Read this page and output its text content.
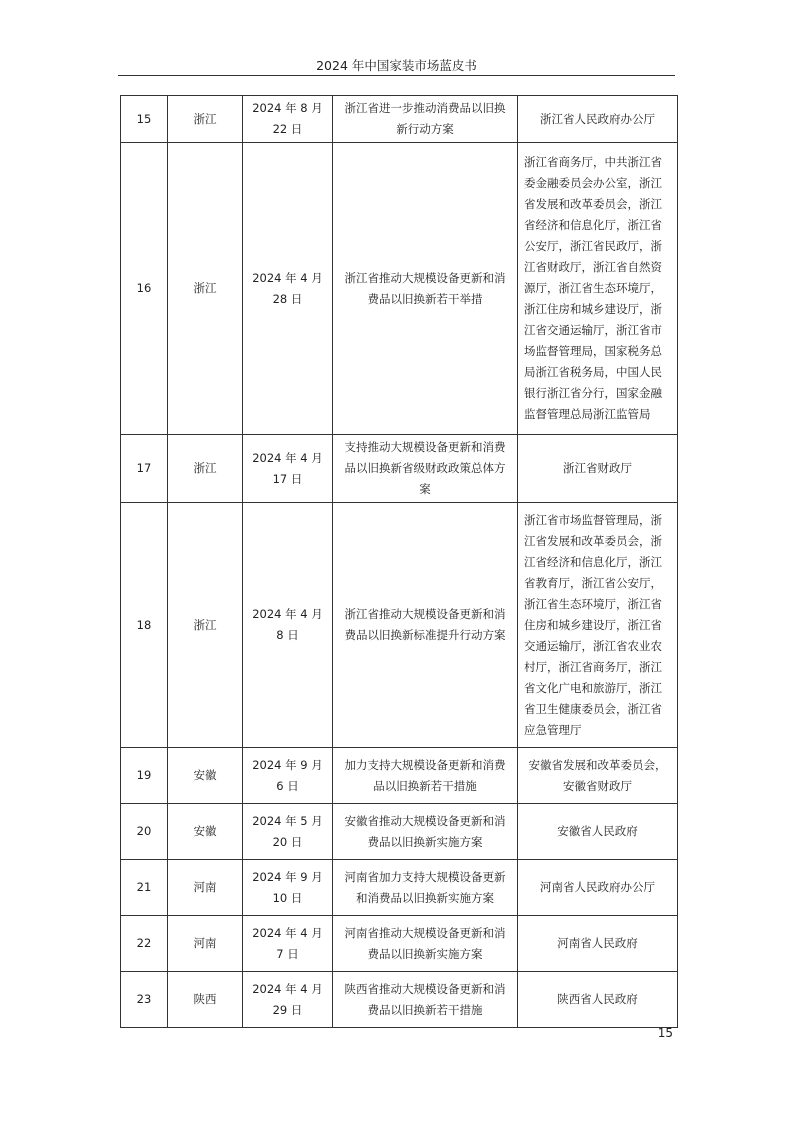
2024 年中国家装市场蓝皮书
15	浙江	2024 年 8 月 22 日	浙江省进一步推动消费品以旧换新行动方案	浙江省人民政府办公厅
16	浙江	2024 年 4 月 28 日	浙江省推动大规模设备更新和消费品以旧换新若干举措	浙江省商务厅，中共浙江省委金融委员会办公室，浙江省发展和改革委员会，浙江省经济和信息化厅，浙江省公安厅，浙江省民政厅，浙江省财政厅，浙江省自然资源厅，浙江省生态环境厅，浙江住房和城乡建设厅，浙江省交通运输厅，浙江省市场监督管理局，国家税务总局浙江省税务局，中国人民银行浙江省分行，国家金融监督管理总局浙江监管局
17	浙江	2024 年 4 月 17 日	支持推动大规模设备更新和消费品以旧换新省级财政政策总体方案	浙江省财政厅
18	浙江	2024 年 4 月 8 日	浙江省推动大规模设备更新和消费品以旧换新标准提升行动方案	浙江省市场监督管理局，浙江省发展和改革委员会，浙江省经济和信息化厅，浙江省教育厅，浙江省公安厅，浙江省生态环境厅，浙江省住房和城乡建设厅，浙江省交通运输厅，浙江省农业农村厅，浙江省商务厅，浙江省文化广电和旅游厅，浙江省卫生健康委员会，浙江省应急管理厅
19	安徽	2024 年 9 月 6 日	加力支持大规模设备更新和消费品以旧换新若干措施	安徽省发展和改革委员会，安徽省财政厅
20	安徽	2024 年 5 月 20 日	安徽省推动大规模设备更新和消费品以旧换新实施方案	安徽省人民政府
21	河南	2024 年 9 月 10 日	河南省加力支持大规模设备更新和消费品以旧换新实施方案	河南省人民政府办公厅
22	河南	2024 年 4 月 7 日	河南省推动大规模设备更新和消费品以旧换新实施方案	河南省人民政府
23	陕西	2024 年 4 月 29 日	陕西省推动大规模设备更新和消费品以旧换新若干措施	陕西省人民政府
15
